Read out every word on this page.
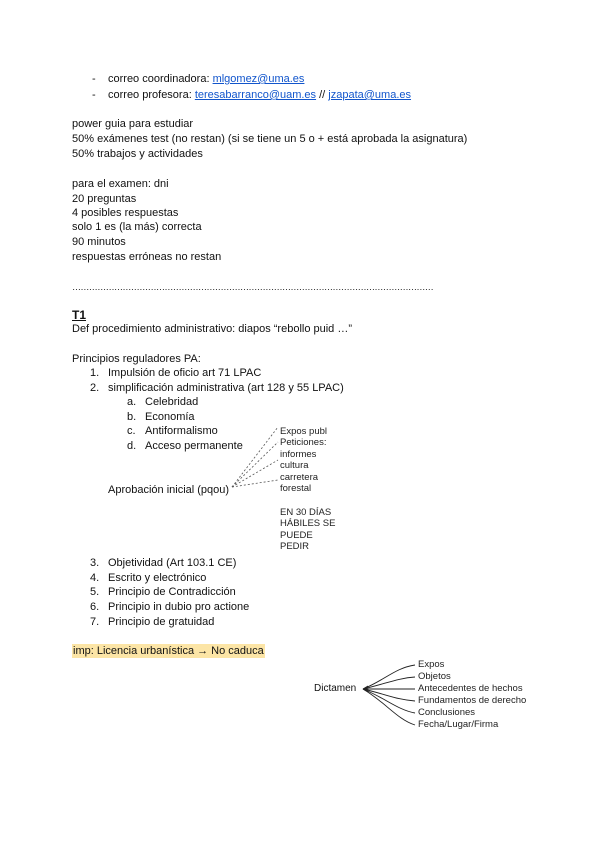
- correo coordinadora: mlgomez@uma.es
- correo profesora: teresabarranco@uam.es // jzapata@uma.es
power guia para estudiar
50% exámenes test (no restan) (si se tiene un 5 o + está aprobada la asignatura)
50% trabajos y actividades
para el examen: dni
20 preguntas
4 posibles respuestas
solo 1 es (la más) correcta
90 minutos
respuestas erróneas no restan
…………………………………………………………………………………………………………………
T1
Def procedimiento administrativo: diapos “rebollo puid …”
Principios reguladores PA:
1. Impulsión de oficio art 71 LPAC
2. simplificación administrativa (art 128 y 55 LPAC)
a. Celebridad
b. Economía
c. Antiformalismo
d. Acceso permanente
Expos publ
Peticiones:
informes
cultura
carretera
forestal
EN 30 DÍAS
HÁBILES SE
PUEDE
PEDIR
Aprobación inicial (pqou)
3. Objetividad (Art 103.1 CE)
4. Escrito y electrónico
5. Principio de Contradicción
6. Principio in dubio pro actione
7. Principio de gratuidad
imp: Licencia urbanística → No caduca
Dictamen
Expos
Objetos
Antecedentes de hechos
Fundamentos de derecho
Conclusiones
Fecha/Lugar/Firma
